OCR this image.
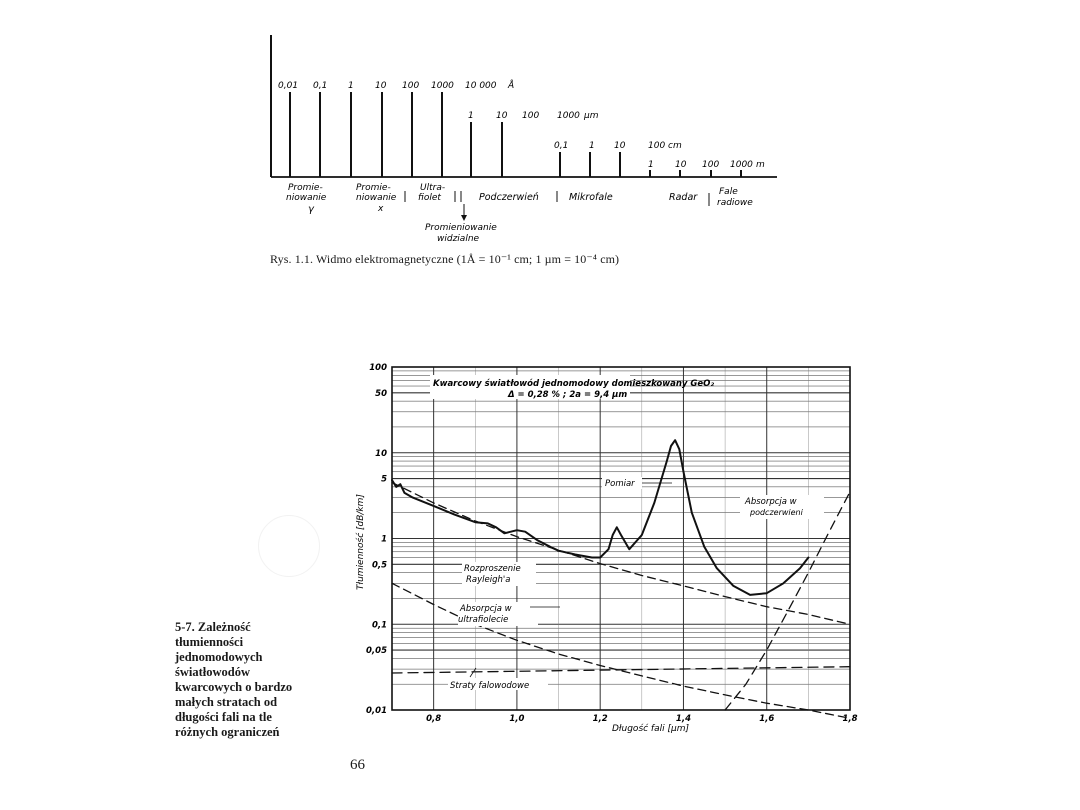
0,01 0,1 1 10 100 1000 10 000 Å
1 10 100 1000 µm
0,1 1 10	100 cm
1 10 100 1000 m
Promie-
niowanie
γ
Promie-
niowanie
x
Ultra-
fiolet	Podczerwień	Mikrofale	Radar Fale
radiowe
Promieniowanie
widzialne
Rys. 1.1. Widmo elektromagnetyczne (1Å = 10⁻¹ cm; 1 µm = 10⁻⁴ cm)
100
50
10
5
1
0,5
0,1
0,05
0,01
0,8	1,0	1,2	1,4	1,6	1,8
Kwarcowy światłowód jednomodowy domieszkowany GeO₂
Δ = 0,28 % ; 2a = 9,4 µm
Tłumienność [dB/km]
Długość fali [µm]
Pomiar
Absorpcja w
podczerwieni
Rozproszenie
Rayleigh'a
Absorpcja w
ultrafiolecie
Straty falowodowe
5-7. Zależność
tłumienności
jednomodowych
światłowodów
kwarcowych o bardzo
małych stratach od
długości fali na tle
różnych ograniczeń
66
